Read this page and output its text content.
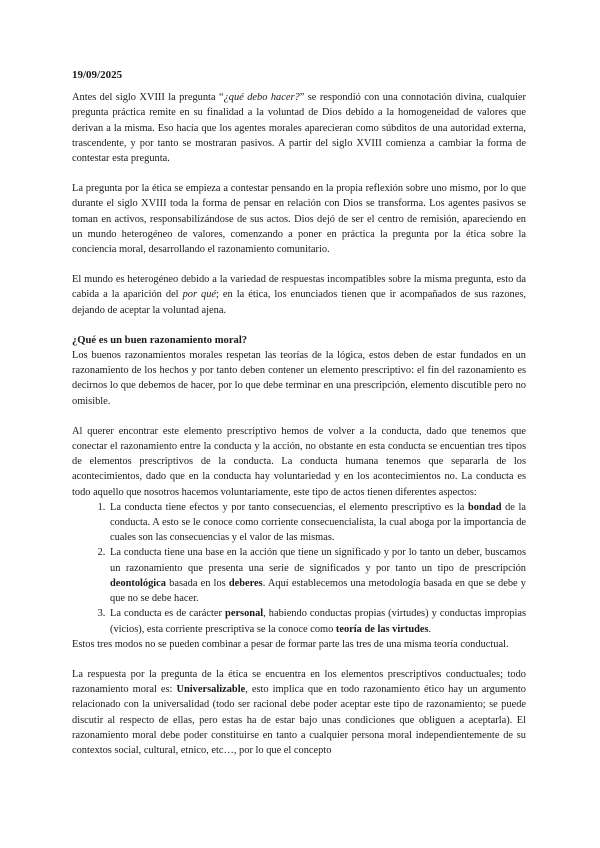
19/09/2025

Antes del siglo XVIII la pregunta “¿qué debo hacer?” se respondió con una connotación divina, cualquier pregunta práctica remite en su finalidad a la voluntad de Dios debido a la homogeneidad de valores que derivan a la misma. Eso hacía que los agentes morales aparecieran como súbditos de una autoridad externa, trascendente, y por tanto se mostraran pasivos. A partir del siglo XVIII comienza a cambiar la forma de contestar esta pregunta.

La pregunta por la ética se empieza a contestar pensando en la propia reflexión sobre uno mismo, por lo que durante el siglo XVIII toda la forma de pensar en relación con Dios se transforma. Los agentes pasivos se toman en activos, responsabilizándose de sus actos. Dios dejó de ser el centro de remisión, apareciendo en un mundo heterogéneo de valores, comenzando a poner en práctica la pregunta por la ética sobre la conciencia moral, desarrollando el razonamiento comunitario.

El mundo es heterogéneo debido a la variedad de respuestas incompatibles sobre la misma pregunta, esto da cabida a la aparición del por qué; en la ética, los enunciados tienen que ir acompañados de sus razones, dejando de aceptar la voluntad ajena.

¿Qué es un buen razonamiento moral?

Los buenos razonamientos morales respetan las teorías de la lógica, estos deben de estar fundados en un razonamiento de los hechos y por tanto deben contener un elemento prescriptivo: el fin del razonamiento es decirnos lo que debemos de hacer, por lo que debe terminar en una prescripción, elemento discutible pero no omisible.

Al querer encontrar este elemento prescriptivo hemos de volver a la conducta, dado que tenemos que conectar el razonamiento entre la conducta y la acción, no obstante en esta conducta se encuentian tres tipos de elementos prescriptivos de la conducta. La conducta humana tenemos que separarla de los acontecimientos, dado que en la conducta hay voluntariedad y en los acontecimientos no. La conducta es todo aquello que nosotros hacemos voluntariamente, este tipo de actos tienen diferentes aspectos:

1. La conducta tiene efectos y por tanto consecuencias, el elemento prescriptivo es la bondad de la conducta. A esto se le conoce como corriente consecuencialista, la cual aboga por la importancia de cuales son las consecuencias y el valor de las mismas.
2. La conducta tiene una base en la acción que tiene un significado y por lo tanto un deber, buscamos un razonamiento que presenta una serie de significados y por tanto un tipo de prescripción deontológica basada en los deberes. Aquí establecemos una metodología basada en que se debe y que no se debe hacer.
3. La conducta es de carácter personal, habiendo conductas propias (virtudes) y conductas impropias (vicios), esta corriente prescriptiva se la conoce como teoría de las virtudes.

Estos tres modos no se pueden combinar a pesar de formar parte las tres de una misma teoría conductual.

La respuesta por la pregunta de la ética se encuentra en los elementos prescriptivos conductuales; todo razonamiento moral es: Universalizable, esto implica que en todo razonamiento ético hay un argumento relacionado con la universalidad (todo ser racional debe poder aceptar este tipo de razonamiento; se puede discutir al respecto de ellas, pero estas ha de estar bajo unas condiciones que obliguen a aceptarla). El razonamiento moral debe poder constituirse en tanto a cualquier persona moral independientemente de su contextos social, cultural, etnico, etc…, por lo que el concepto
